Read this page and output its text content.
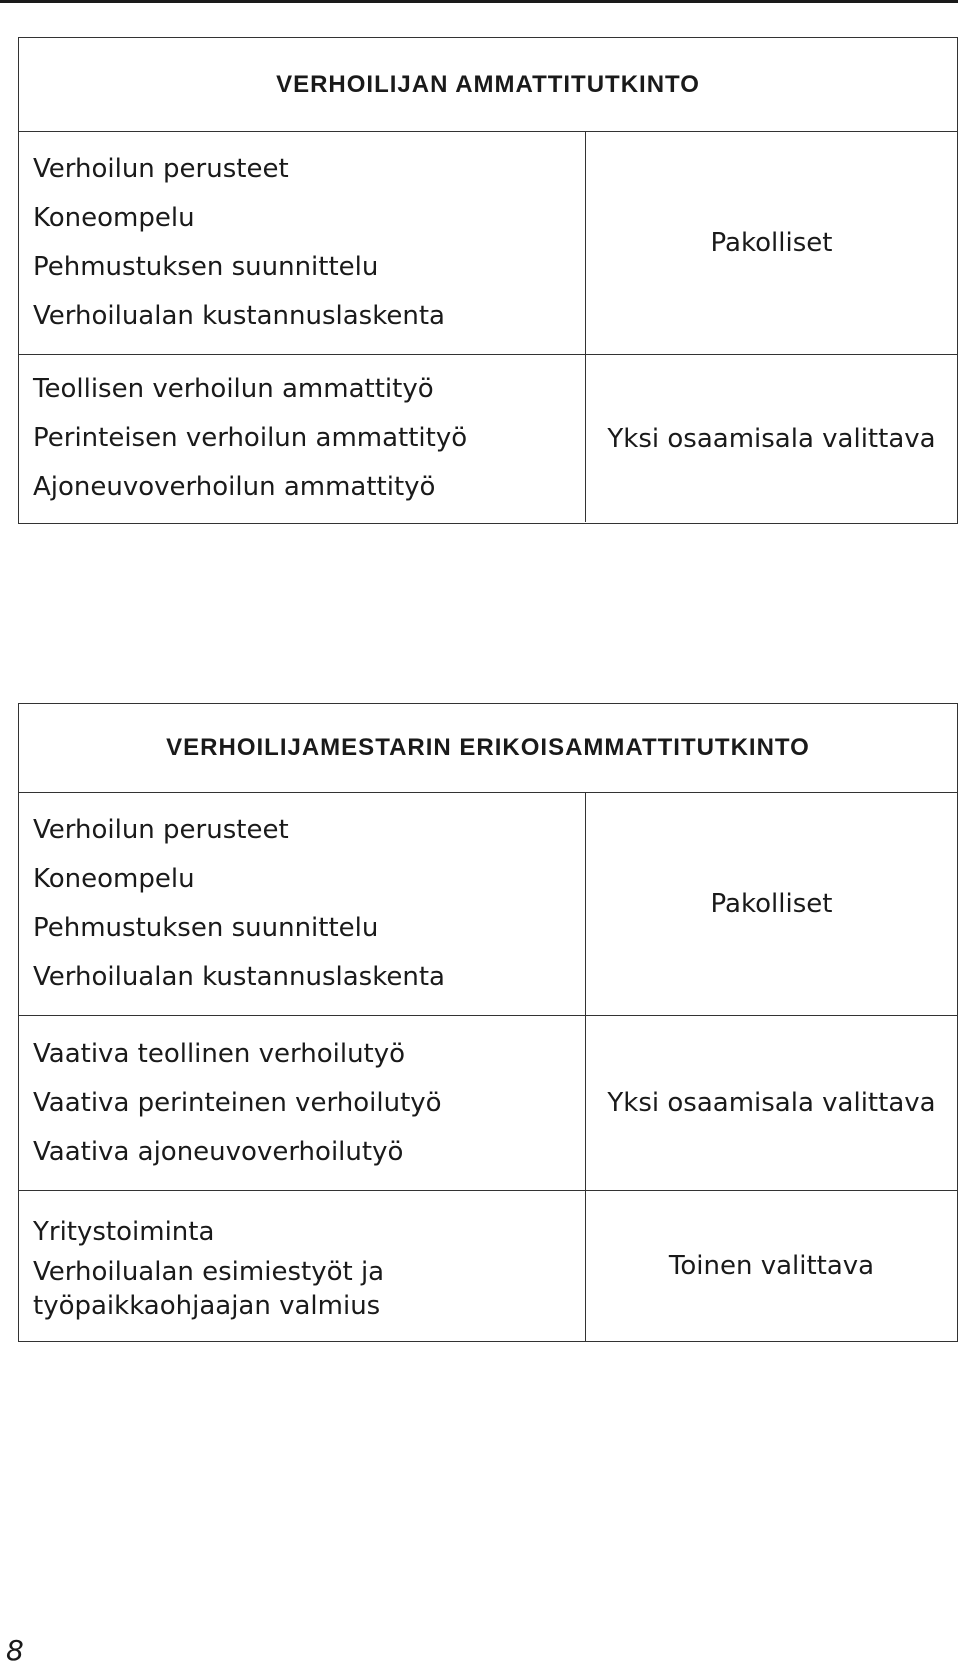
VERHOILIJAN AMMATTITUTKINTO
Verhoilun perusteet
Koneompelu
Pehmustuksen suunnittelu
Verhoilualan kustannuslaskenta
Pakolliset
Teollisen verhoilun ammattityö
Perinteisen verhoilun ammattityö
Ajoneuvoverhoilun ammattityö
Yksi osaamisala valittava
VERHOILIJAMESTARIN ERIKOISAMMATTITUTKINTO
Verhoilun perusteet
Koneompelu
Pehmustuksen suunnittelu
Verhoilualan kustannuslaskenta
Pakolliset
Vaativa teollinen verhoilutyö
Vaativa perinteinen verhoilutyö
Vaativa ajoneuvoverhoilutyö
Yksi osaamisala valittava
Yritystoiminta
Verhoilualan esimiestyöt ja
työpaikkaohjaajan valmius
Toinen valittava
8
